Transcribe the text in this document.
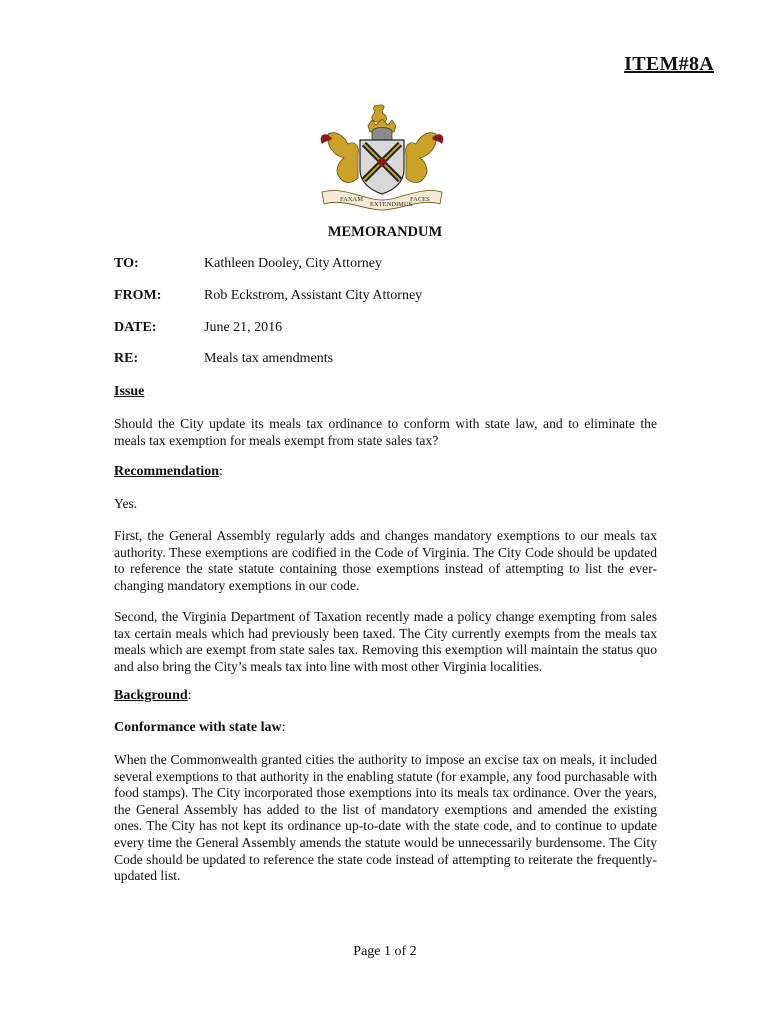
ITEM#8A
FAXAM
EXTENDIMUS
FACES
MEMORANDUM
TO:	Kathleen Dooley, City Attorney
FROM:	Rob Eckstrom, Assistant City Attorney
DATE:	June 21, 2016
RE:	Meals tax amendments
Issue
Should the City update its meals tax ordinance to conform with state law, and to eliminate the meals tax exemption for meals exempt from state sales tax?
Recommendation:
Yes.
First, the General Assembly regularly adds and changes mandatory exemptions to our meals tax authority. These exemptions are codified in the Code of Virginia. The City Code should be updated to reference the state statute containing those exemptions instead of attempting to list the ever-changing mandatory exemptions in our code.
Second, the Virginia Department of Taxation recently made a policy change exempting from sales tax certain meals which had previously been taxed. The City currently exempts from the meals tax meals which are exempt from state sales tax. Removing this exemption will maintain the status quo and also bring the City’s meals tax into line with most other Virginia localities.
Background:
Conformance with state law:
When the Commonwealth granted cities the authority to impose an excise tax on meals, it included several exemptions to that authority in the enabling statute (for example, any food purchasable with food stamps). The City incorporated those exemptions into its meals tax ordinance. Over the years, the General Assembly has added to the list of mandatory exemptions and amended the existing ones. The City has not kept its ordinance up-to-date with the state code, and to continue to update every time the General Assembly amends the statute would be unnecessarily burdensome. The City Code should be updated to reference the state code instead of attempting to reiterate the frequently-updated list.
Page 1 of 2
